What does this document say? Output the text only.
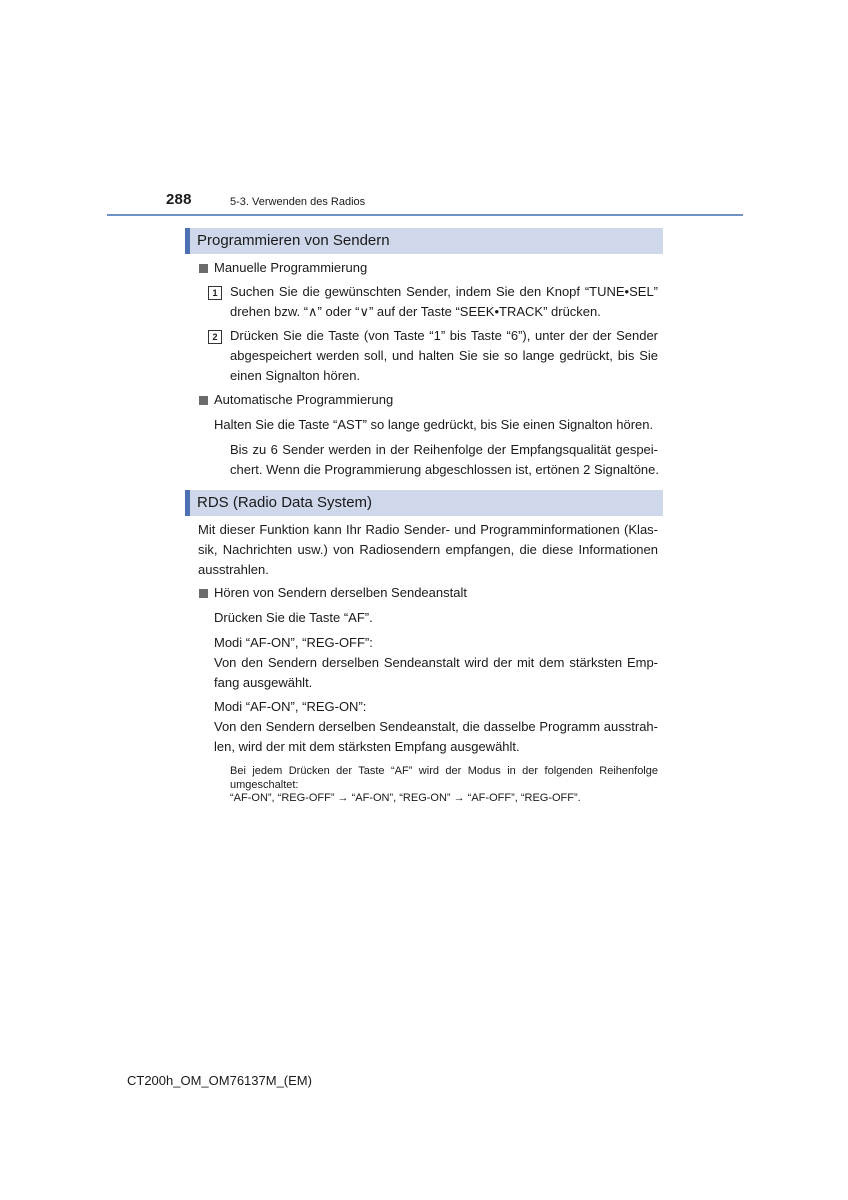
288	5-3. Verwenden des Radios
Programmieren von Sendern
Manuelle Programmierung
1 Suchen Sie die gewünschten Sender, indem Sie den Knopf “TUNE•SEL”
drehen bzw. “∧” oder “∨” auf der Taste “SEEK•TRACK” drücken.
2 Drücken Sie die Taste (von Taste “1” bis Taste “6”), unter der der Sender
abgespeichert werden soll, und halten Sie sie so lange gedrückt, bis Sie
einen Signalton hören.
Automatische Programmierung
Halten Sie die Taste “AST” so lange gedrückt, bis Sie einen Signalton hören.
Bis zu 6 Sender werden in der Reihenfolge der Empfangsqualität gespei-
chert. Wenn die Programmierung abgeschlossen ist, ertönen 2 Signaltöne.
RDS (Radio Data System)
Mit dieser Funktion kann Ihr Radio Sender- und Programminformationen (Klas-
sik, Nachrichten usw.) von Radiosendern empfangen, die diese Informationen
ausstrahlen.
Hören von Sendern derselben Sendeanstalt
Drücken Sie die Taste “AF”.
Modi “AF-ON”, “REG-OFF”:
Von den Sendern derselben Sendeanstalt wird der mit dem stärksten Emp-
fang ausgewählt.
Modi “AF-ON”, “REG-ON”:
Von den Sendern derselben Sendeanstalt, die dasselbe Programm ausstrah-
len, wird der mit dem stärksten Empfang ausgewählt.
Bei jedem Drücken der Taste “AF” wird der Modus in der folgenden Reihenfolge
umgeschaltet:
“AF-ON”, “REG-OFF” → “AF-ON”, “REG-ON” → “AF-OFF”, “REG-OFF”.
CT200h_OM_OM76137M_(EM)
